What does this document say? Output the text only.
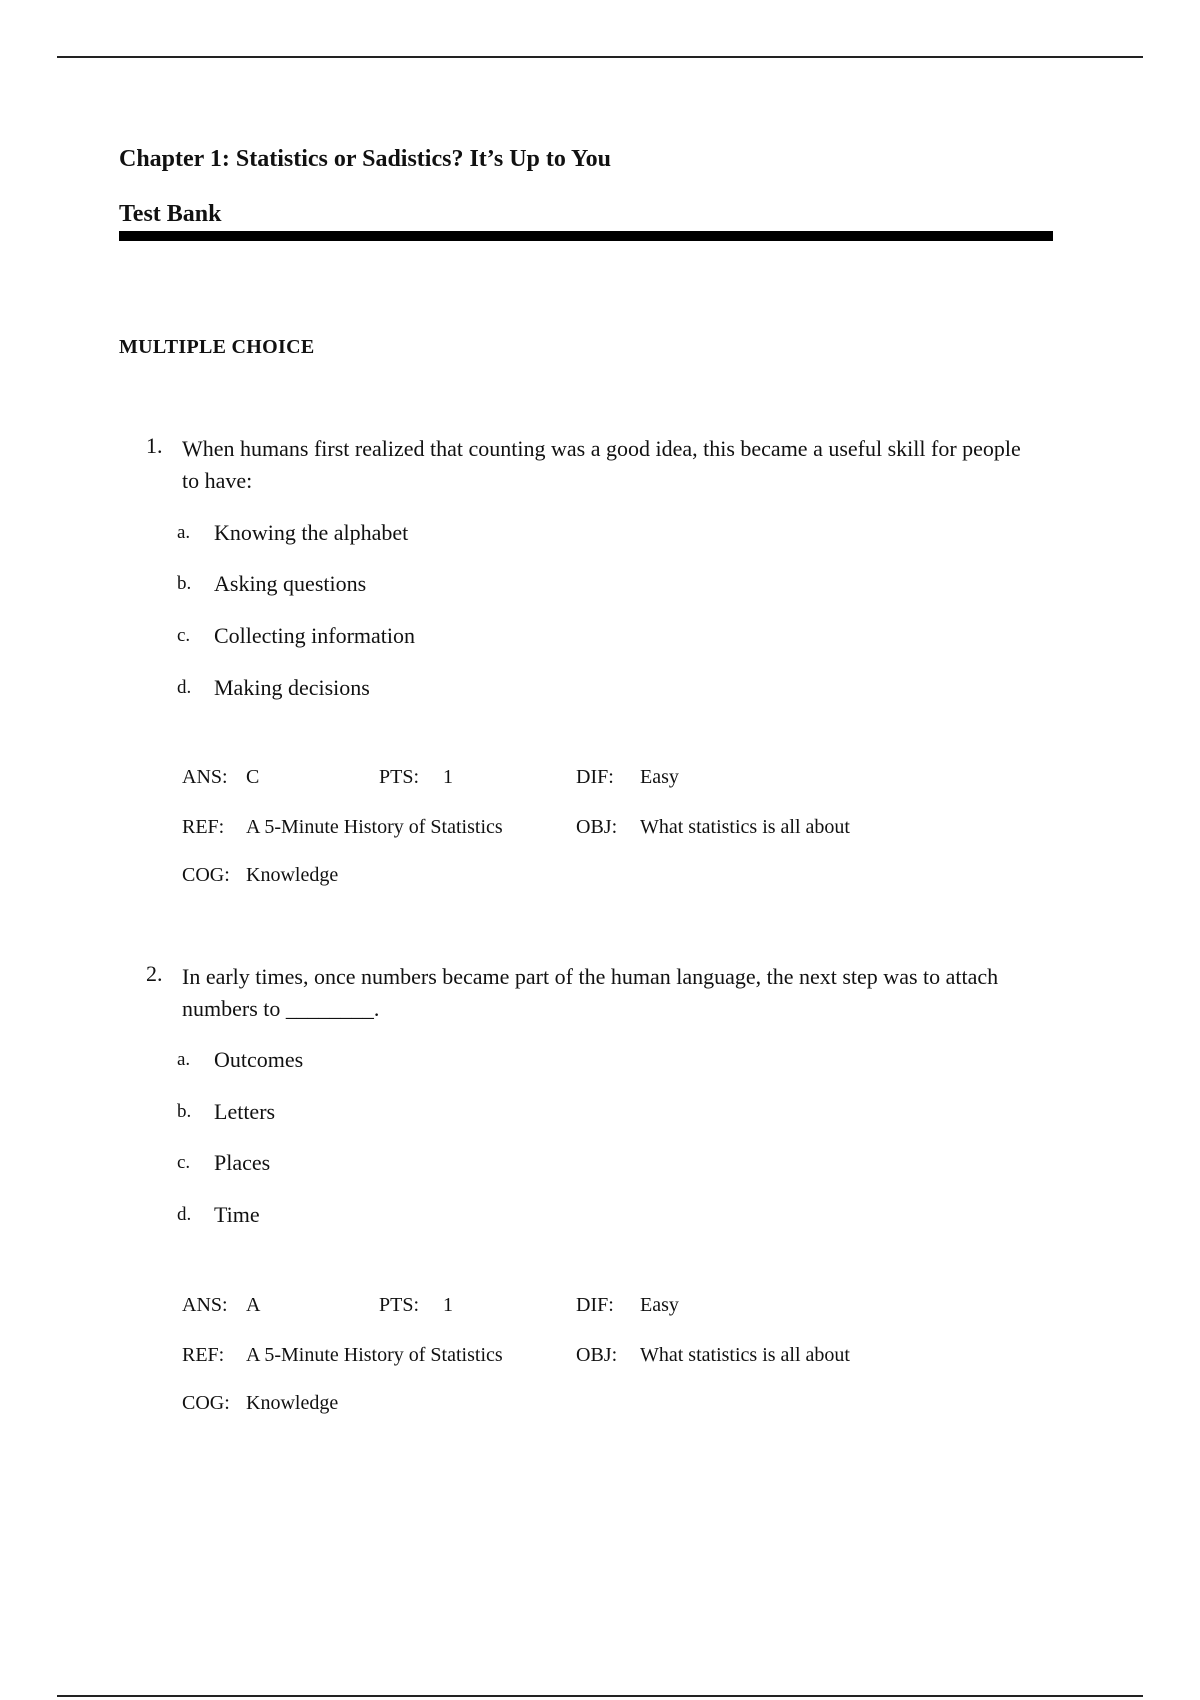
Chapter 1: Statistics or Sadistics? It’s Up to You
Test Bank
MULTIPLE CHOICE
1. When humans first realized that counting was a good idea, this became a useful skill for people to have:
a. Knowing the alphabet
b. Asking questions
c. Collecting information
d. Making decisions
ANS: C	PTS: 1	DIF: Easy
REF: A 5-Minute History of Statistics	OBJ: What statistics is all about
COG: Knowledge
2. In early times, once numbers became part of the human language, the next step was to attach numbers to ________.
a. Outcomes
b. Letters
c. Places
d. Time
ANS: A	PTS: 1	DIF: Easy
REF: A 5-Minute History of Statistics	OBJ: What statistics is all about
COG: Knowledge
